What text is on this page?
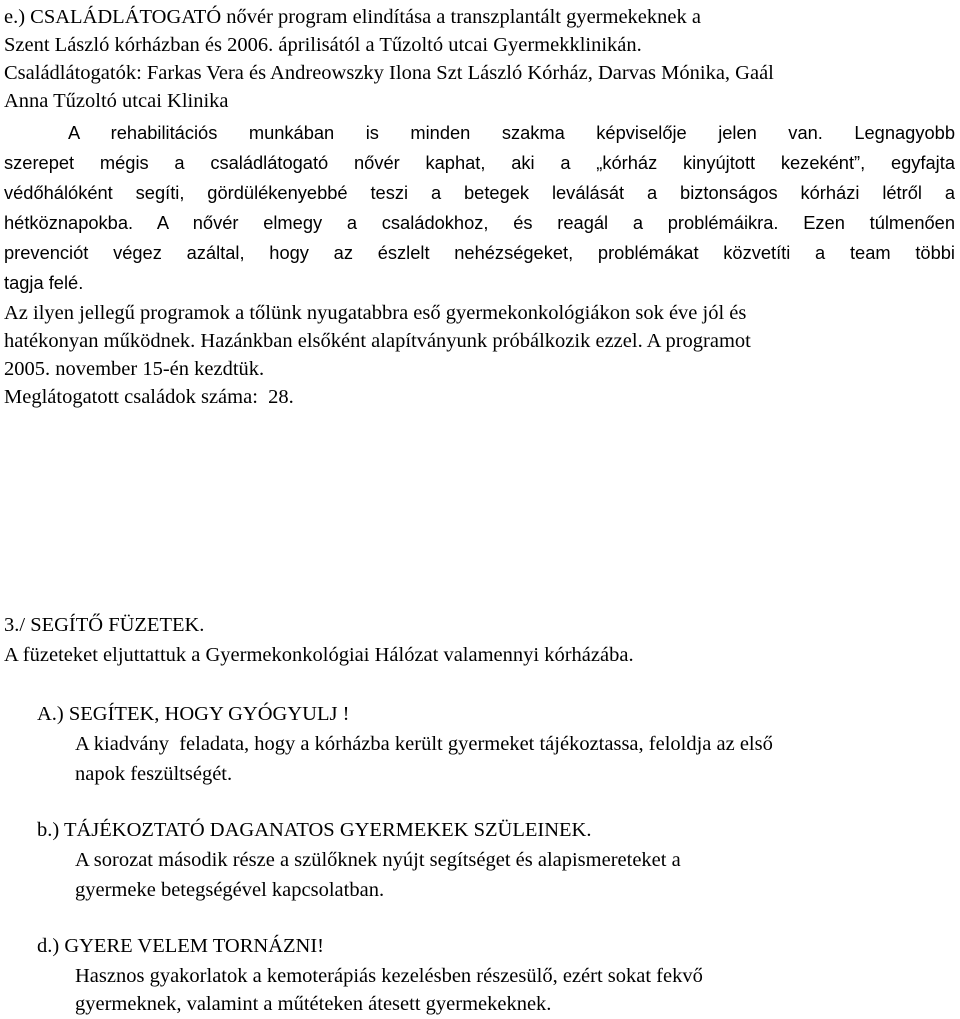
e.) CSALÁDLÁTOGATÓ nővér program elindítása a transzplantált gyermekeknek a
Szent László kórházban és 2006. áprilisától a Tűzoltó utcai Gyermekklinikán.
Családlátogatók: Farkas Vera és Andreowszky Ilona Szt László Kórház, Darvas Mónika, Gaál
Anna Tűzoltó utcai Klinika
A rehabilitációs munkában is minden szakma képviselője jelen van. Legnagyobb
szerepet mégis a családlátogató nővér kaphat, aki a „kórház kinyújtott kezeként”, egyfajta
védőhálóként segíti, gördülékenyebbé teszi a betegek leválását a biztonságos kórházi létről a
hétköznapokba. A nővér elmegy a családokhoz, és reagál a problémáikra. Ezen túlmenően
prevenciót végez azáltal, hogy az észlelt nehézségeket, problémákat közvetíti a team többi
tagja felé.
Az ilyen jellegű programok a tőlünk nyugatabbra eső gyermekonkológiákon sok éve jól és
hatékonyan működnek. Hazánkban elsőként alapítványunk próbálkozik ezzel. A programot
2005. november 15-én kezdtük.
Meglátogatott családok száma:  28.
3./ SEGÍTŐ FÜZETEK.
A füzeteket eljuttattuk a Gyermekonkológiai Hálózat valamennyi kórházába.
A.) SEGÍTEK, HOGY GYÓGYULJ !
A kiadvány  feladata, hogy a kórházba került gyermeket tájékoztassa, feloldja az első
napok feszültségét.
b.) TÁJÉKOZTATÓ DAGANATOS GYERMEKEK SZÜLEINEK.
A sorozat második része a szülőknek nyújt segítséget és alapismereteket a
gyermeke betegségével kapcsolatban.
d.) GYERE VELEM TORNÁZNI!
Hasznos gyakorlatok a kemoterápiás kezelésben részesülő, ezért sokat fekvő
gyermeknek, valamint a műtéteken átesett gyermekeknek.
